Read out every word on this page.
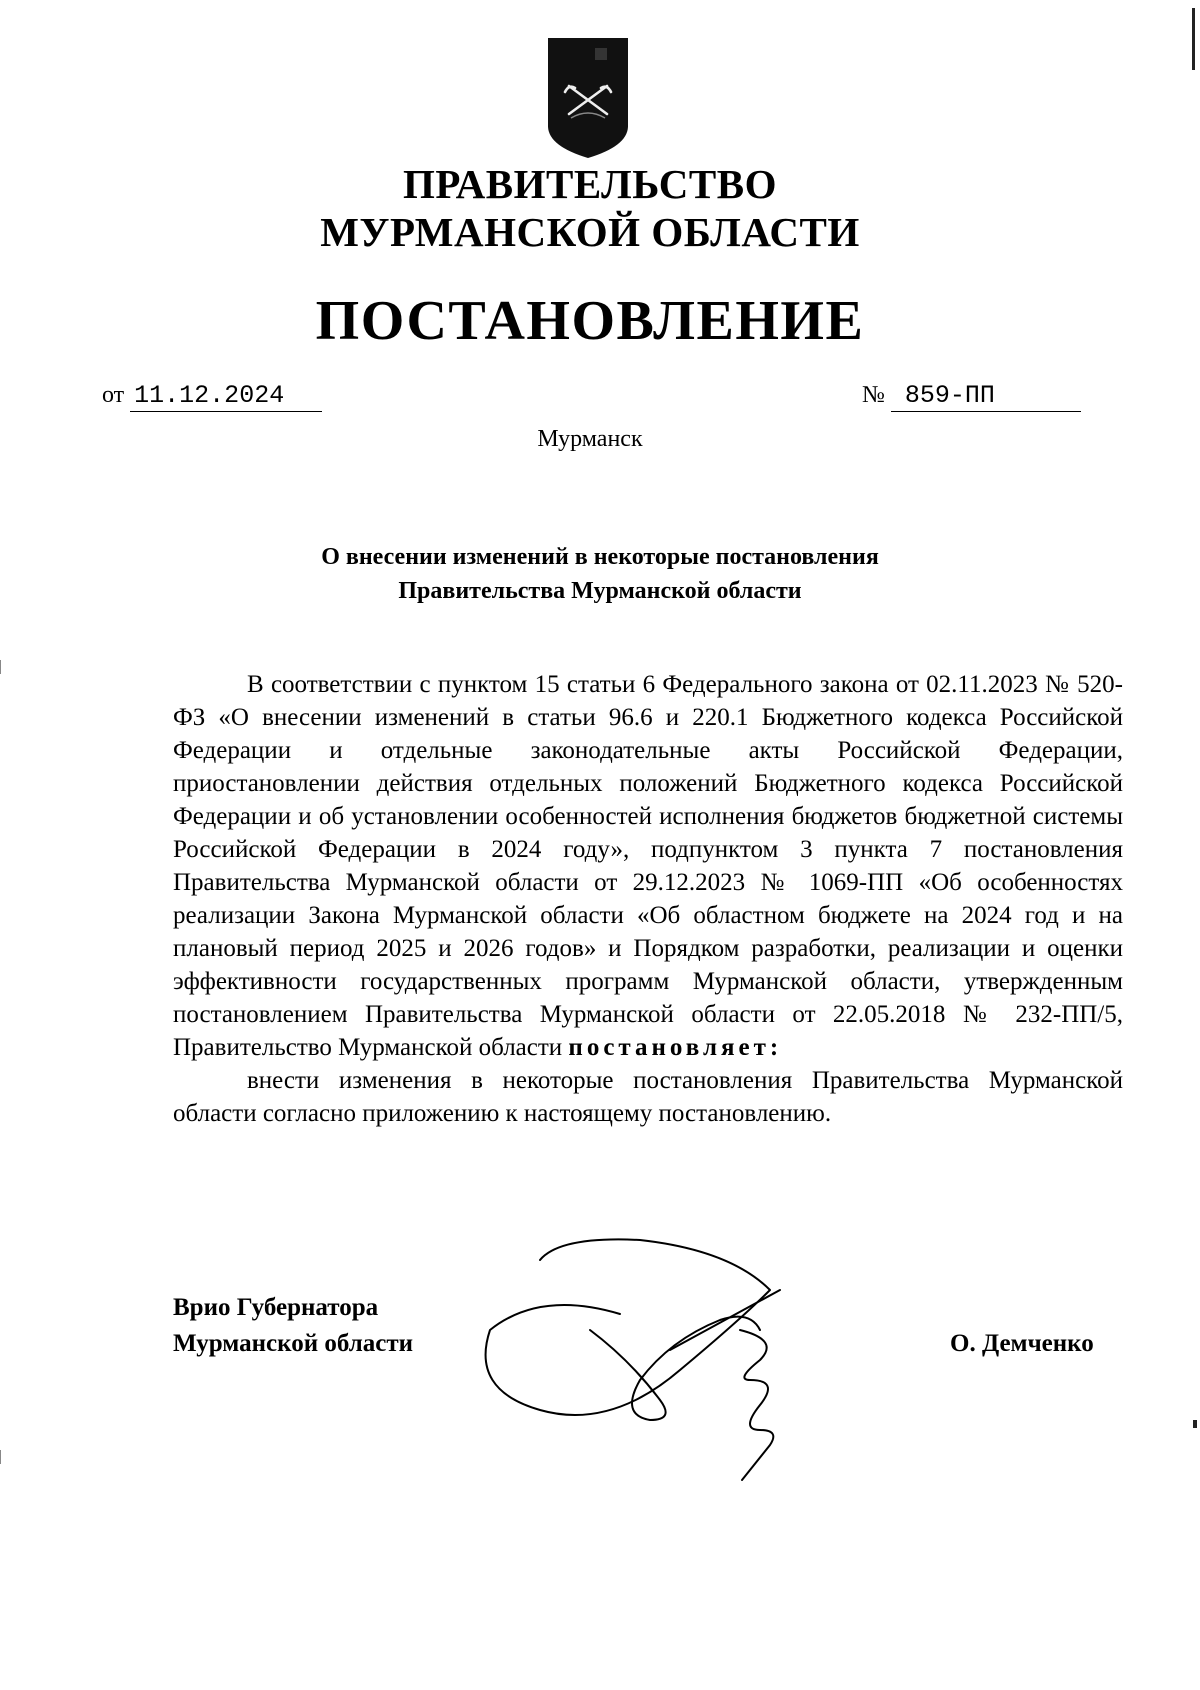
ПРАВИТЕЛЬСТВО
МУРМАНСКОЙ ОБЛАСТИ
ПОСТАНОВЛЕНИЕ
от 11.12.2024	№ 859-ПП
Мурманск
О внесении изменений в некоторые постановления
Правительства Мурманской области

В соответствии с пунктом 15 статьи 6 Федерального закона от 02.11.2023 № 520-ФЗ «О внесении изменений в статьи 96.6 и 220.1 Бюджетного кодекса Российской Федерации и отдельные законодательные акты Российской Федерации, приостановлении действия отдельных положений Бюджетного кодекса Российской Федерации и об установлении особенностей исполнения бюджетов бюджетной системы Российской Федерации в 2024 году», подпунктом 3 пункта 7 постановления Правительства Мурманской области от 29.12.2023 № 1069-ПП «Об особенностях реализации Закона Мурманской области «Об областном бюджете на 2024 год и на плановый период 2025 и 2026 годов» и Порядком разработки, реализации и оценки эффективности государственных программ Мурманской области, утвержденным постановлением Правительства Мурманской области от 22.05.2018 № 232-ПП/5, Правительство Мурманской области постановляет:

внести изменения в некоторые постановления Правительства Мурманской области согласно приложению к настоящему постановлению.

Врио Губернатора
Мурманской области	О. Демченко
